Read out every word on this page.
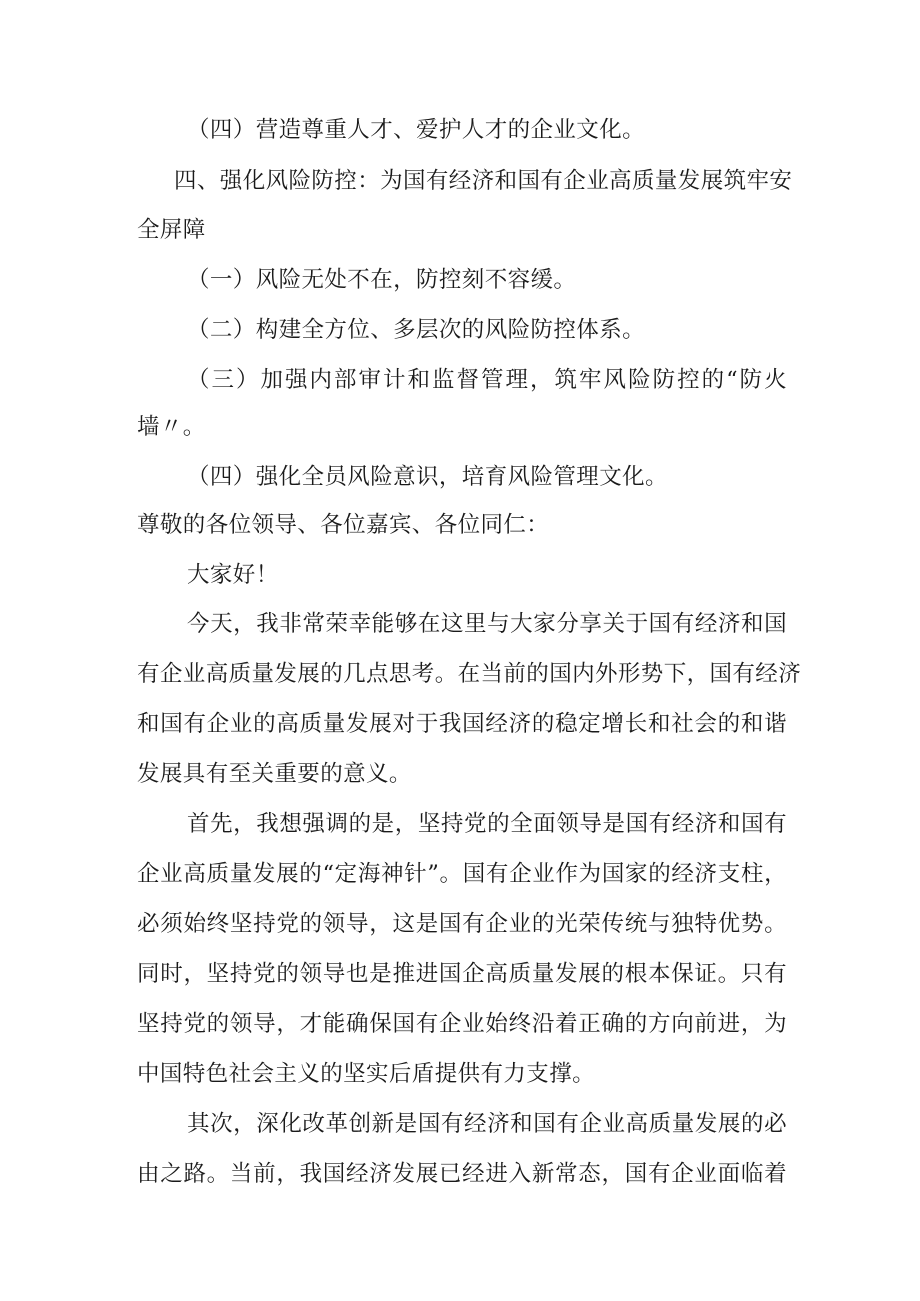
（四）营造尊重人才、爱护人才的企业文化。
四、强化风险防控：为国有经济和国有企业高质量发展筑牢安
全屏障
（一）风险无处不在，防控刻不容缓。
（二）构建全方位、多层次的风险防控体系。
（三）加强内部审计和监督管理，筑牢风险防控的“防火
墙〃。
（四）强化全员风险意识，培育风险管理文化。
尊敬的各位领导、各位嘉宾、各位同仁：
大家好！
今天，我非常荣幸能够在这里与大家分享关于国有经济和国
有企业高质量发展的几点思考。在当前的国内外形势下，国有经济
和国有企业的高质量发展对于我国经济的稳定增长和社会的和谐
发展具有至关重要的意义。
首先，我想强调的是，坚持党的全面领导是国有经济和国有
企业高质量发展的“定海神针”。国有企业作为国家的经济支柱，
必须始终坚持党的领导，这是国有企业的光荣传统与独特优势。
同时，坚持党的领导也是推进国企高质量发展的根本保证。只有
坚持党的领导，才能确保国有企业始终沿着正确的方向前进，为
中国特色社会主义的坚实后盾提供有力支撑。
其次，深化改革创新是国有经济和国有企业高质量发展的必
由之路。当前，我国经济发展已经进入新常态，国有企业面临着
